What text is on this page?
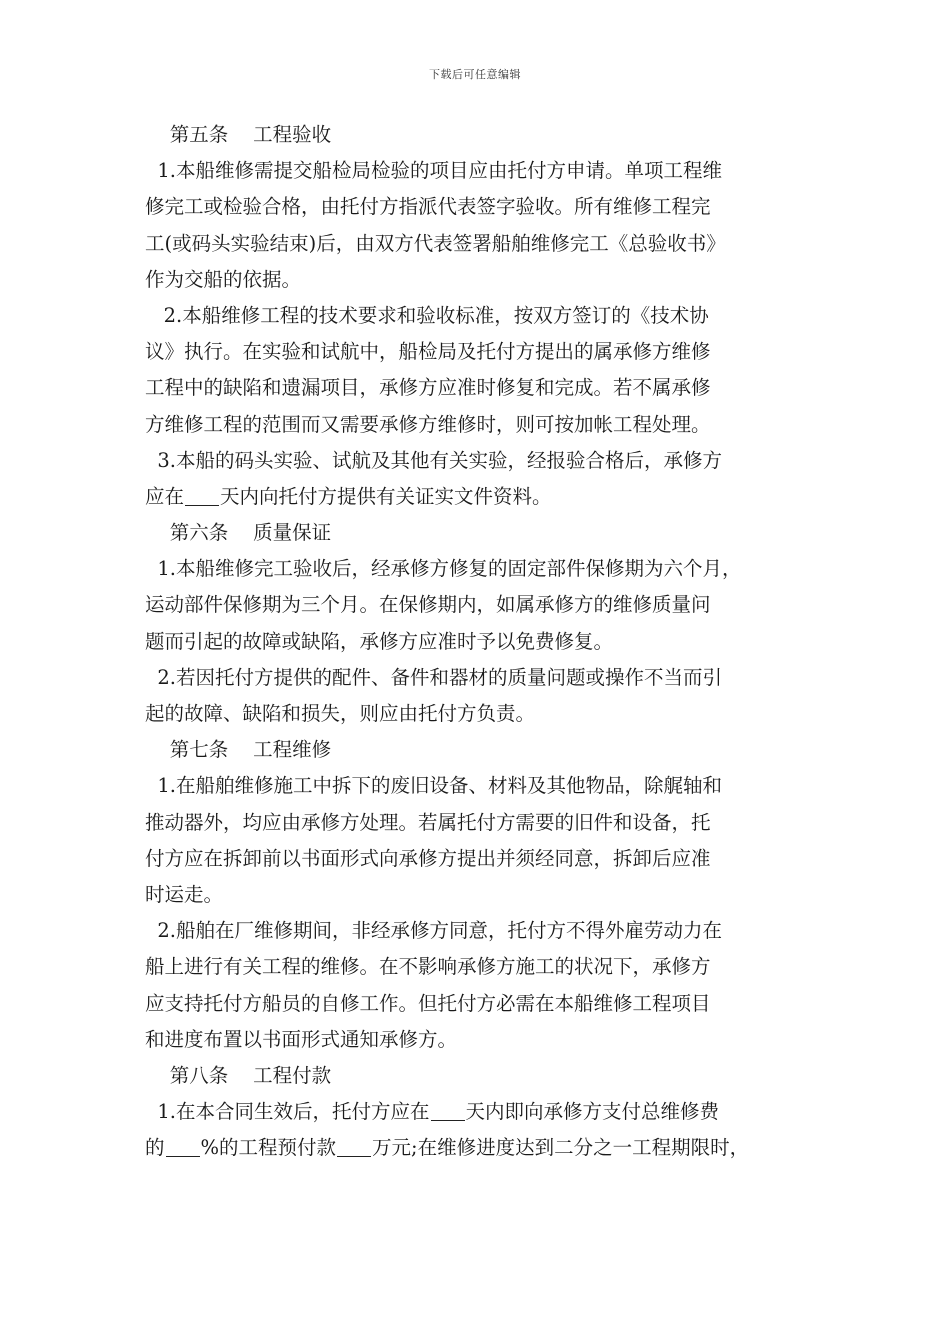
下载后可任意编辑
第五条    工程验收
1.本船维修需提交船检局检验的项目应由托付方申请。单项工程维
修完工或检验合格，由托付方指派代表签字验收。所有维修工程完
工(或码头实验结束)后，由双方代表签署船舶维修完工《总验收书》
作为交船的依据。
2.本船维修工程的技术要求和验收标准，按双方签订的《技术协
议》执行。在实验和试航中，船检局及托付方提出的属承修方维修
工程中的缺陷和遗漏项目，承修方应准时修复和完成。若不属承修
方维修工程的范围而又需要承修方维修时，则可按加帐工程处理。
3.本船的码头实验、试航及其他有关实验，经报验合格后，承修方
应在 天内向托付方提供有关证实文件资料。
第六条    质量保证
1.本船维修完工验收后，经承修方修复的固定部件保修期为六个月，
运动部件保修期为三个月。在保修期内，如属承修方的维修质量问
题而引起的故障或缺陷，承修方应准时予以免费修复。
2.若因托付方提供的配件、备件和器材的质量问题或操作不当而引
起的故障、缺陷和损失，则应由托付方负责。
第七条    工程维修
1.在船舶维修施工中拆下的废旧设备、材料及其他物品，除艉轴和
推动器外，均应由承修方处理。若属托付方需要的旧件和设备，托
付方应在拆卸前以书面形式向承修方提出并须经同意，拆卸后应准
时运走。
2.船舶在厂维修期间，非经承修方同意，托付方不得外雇劳动力在
船上进行有关工程的维修。在不影响承修方施工的状况下，承修方
应支持托付方船员的自修工作。但托付方必需在本船维修工程项目
和进度布置以书面形式通知承修方。
第八条    工程付款
1.在本合同生效后，托付方应在 天内即向承修方支付总维修费
的 %的工程预付款 万元;在维修进度达到二分之一工程期限时，
